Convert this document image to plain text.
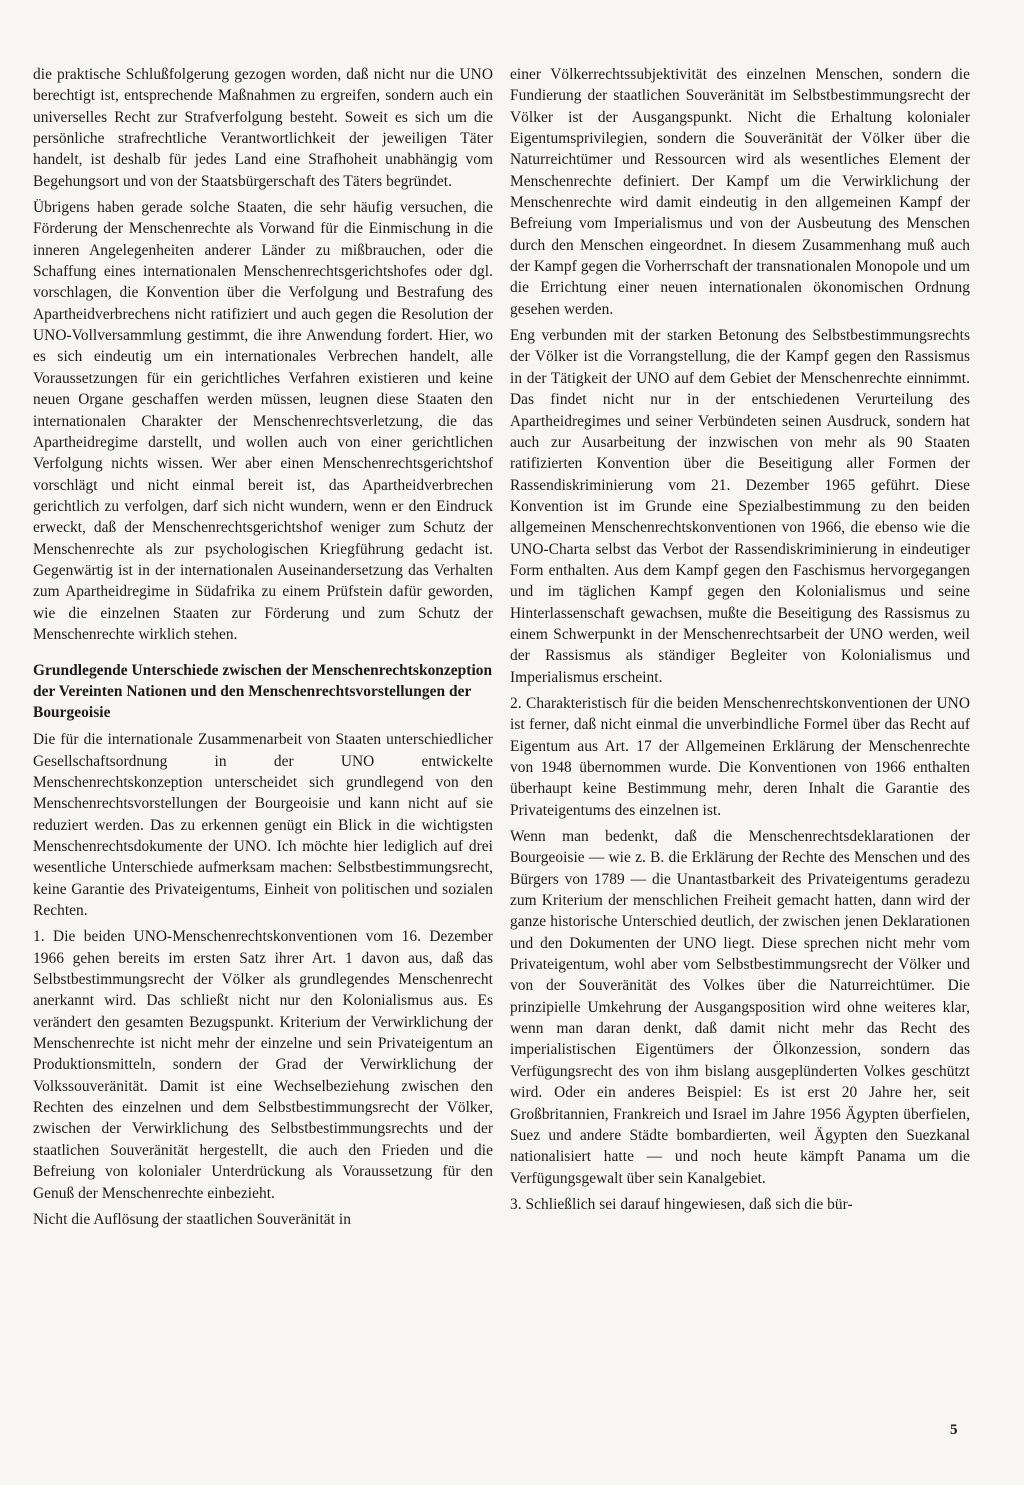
die praktische Schlußfolgerung gezogen worden, daß nicht nur die UNO berechtigt ist, entsprechende Maßnahmen zu ergreifen, sondern auch ein universelles Recht zur Strafverfolgung besteht. Soweit es sich um die persönliche strafrechtliche Verantwortlichkeit der jeweiligen Täter handelt, ist deshalb für jedes Land eine Strafhoheit unabhängig vom Begehungsort und von der Staatsbürgerschaft des Täters begründet.

Übrigens haben gerade solche Staaten, die sehr häufig versuchen, die Förderung der Menschenrechte als Vorwand für die Einmischung in die inneren Angelegenheiten anderer Länder zu mißbrauchen, oder die Schaffung eines internationalen Menschenrechtsgerichtshofes oder dgl. vorschlagen, die Konvention über die Verfolgung und Bestrafung des Apartheidverbrechens nicht ratifiziert und auch gegen die Resolution der UNO-Vollversammlung gestimmt, die ihre Anwendung fordert. Hier, wo es sich eindeutig um ein internationales Verbrechen handelt, alle Voraussetzungen für ein gerichtliches Verfahren existieren und keine neuen Organe geschaffen werden müssen, leugnen diese Staaten den internationalen Charakter der Menschenrechtsverletzung, die das Apartheidregime darstellt, und wollen auch von einer gerichtlichen Verfolgung nichts wissen. Wer aber einen Menschenrechtsgerichtshof vorschlägt und nicht einmal bereit ist, das Apartheidverbrechen gerichtlich zu verfolgen, darf sich nicht wundern, wenn er den Eindruck erweckt, daß der Menschenrechtsgerichtshof weniger zum Schutz der Menschenrechte als zur psychologischen Kriegführung gedacht ist. Gegenwärtig ist in der internationalen Auseinandersetzung das Verhalten zum Apartheidregime in Südafrika zu einem Prüfstein dafür geworden, wie die einzelnen Staaten zur Förderung und zum Schutz der Menschenrechte wirklich stehen.

Grundlegende Unterschiede zwischen der Menschenrechtskonzeption der Vereinten Nationen und den Menschenrechtsvorstellungen der Bourgeoisie

Die für die internationale Zusammenarbeit von Staaten unterschiedlicher Gesellschaftsordnung in der UNO entwickelte Menschenrechtskonzeption unterscheidet sich grundlegend von den Menschenrechtsvorstellungen der Bourgeoisie und kann nicht auf sie reduziert werden. Das zu erkennen genügt ein Blick in die wichtigsten Menschenrechtsdokumente der UNO. Ich möchte hier lediglich auf drei wesentliche Unterschiede aufmerksam machen: Selbstbestimmungsrecht, keine Garantie des Privateigentums, Einheit von politischen und sozialen Rechten.

1. Die beiden UNO-Menschenrechtskonventionen vom 16. Dezember 1966 gehen bereits im ersten Satz ihrer Art. 1 davon aus, daß das Selbstbestimmungsrecht der Völker als grundlegendes Menschenrecht anerkannt wird. Das schließt nicht nur den Kolonialismus aus. Es verändert den gesamten Bezugspunkt. Kriterium der Verwirklichung der Menschenrechte ist nicht mehr der einzelne und sein Privateigentum an Produktionsmitteln, sondern der Grad der Verwirklichung der Volkssouveränität. Damit ist eine Wechselbeziehung zwischen den Rechten des einzelnen und dem Selbstbestimmungsrecht der Völker, zwischen der Verwirklichung des Selbstbestimmungsrechts und der staatlichen Souveränität hergestellt, die auch den Frieden und die Befreiung von kolonialer Unterdrückung als Voraussetzung für den Genuß der Menschenrechte einbezieht.

Nicht die Auflösung der staatlichen Souveränität in

einer Völkerrechtssubjektivität des einzelnen Menschen, sondern die Fundierung der staatlichen Souveränität im Selbstbestimmungsrecht der Völker ist der Ausgangspunkt. Nicht die Erhaltung kolonialer Eigentumsprivilegien, sondern die Souveränität der Völker über die Naturreichtümer und Ressourcen wird als wesentliches Element der Menschenrechte definiert. Der Kampf um die Verwirklichung der Menschenrechte wird damit eindeutig in den allgemeinen Kampf der Befreiung vom Imperialismus und von der Ausbeutung des Menschen durch den Menschen eingeordnet. In diesem Zusammenhang muß auch der Kampf gegen die Vorherrschaft der transnationalen Monopole und um die Errichtung einer neuen internationalen ökonomischen Ordnung gesehen werden.

Eng verbunden mit der starken Betonung des Selbstbestimmungsrechts der Völker ist die Vorrangstellung, die der Kampf gegen den Rassismus in der Tätigkeit der UNO auf dem Gebiet der Menschenrechte einnimmt. Das findet nicht nur in der entschiedenen Verurteilung des Apartheidregimes und seiner Verbündeten seinen Ausdruck, sondern hat auch zur Ausarbeitung der inzwischen von mehr als 90 Staaten ratifizierten Konvention über die Beseitigung aller Formen der Rassendiskriminierung vom 21. Dezember 1965 geführt. Diese Konvention ist im Grunde eine Spezialbestimmung zu den beiden allgemeinen Menschenrechtskonventionen von 1966, die ebenso wie die UNO-Charta selbst das Verbot der Rassendiskriminierung in eindeutiger Form enthalten. Aus dem Kampf gegen den Faschismus hervorgegangen und im täglichen Kampf gegen den Kolonialismus und seine Hinterlassenschaft gewachsen, mußte die Beseitigung des Rassismus zu einem Schwerpunkt in der Menschenrechtsarbeit der UNO werden, weil der Rassismus als ständiger Begleiter von Kolonialismus und Imperialismus erscheint.

2. Charakteristisch für die beiden Menschenrechtskonventionen der UNO ist ferner, daß nicht einmal die unverbindliche Formel über das Recht auf Eigentum aus Art. 17 der Allgemeinen Erklärung der Menschenrechte von 1948 übernommen wurde. Die Konventionen von 1966 enthalten überhaupt keine Bestimmung mehr, deren Inhalt die Garantie des Privateigentums des einzelnen ist.

Wenn man bedenkt, daß die Menschenrechtsdeklarationen der Bourgeoisie — wie z. B. die Erklärung der Rechte des Menschen und des Bürgers von 1789 — die Unantastbarkeit des Privateigentums geradezu zum Kriterium der menschlichen Freiheit gemacht hatten, dann wird der ganze historische Unterschied deutlich, der zwischen jenen Deklarationen und den Dokumenten der UNO liegt. Diese sprechen nicht mehr vom Privateigentum, wohl aber vom Selbstbestimmungsrecht der Völker und von der Souveränität des Volkes über die Naturreichtümer. Die prinzipielle Umkehrung der Ausgangsposition wird ohne weiteres klar, wenn man daran denkt, daß damit nicht mehr das Recht des imperialistischen Eigentümers der Ölkonzession, sondern das Verfügungsrecht des von ihm bislang ausgeplünderten Volkes geschützt wird. Oder ein anderes Beispiel: Es ist erst 20 Jahre her, seit Großbritannien, Frankreich und Israel im Jahre 1956 Ägypten überfielen, Suez und andere Städte bombardierten, weil Ägypten den Suezkanal nationalisiert hatte — und noch heute kämpft Panama um die Verfügungsgewalt über sein Kanalgebiet.

3. Schließlich sei darauf hingewiesen, daß sich die bür-

5
